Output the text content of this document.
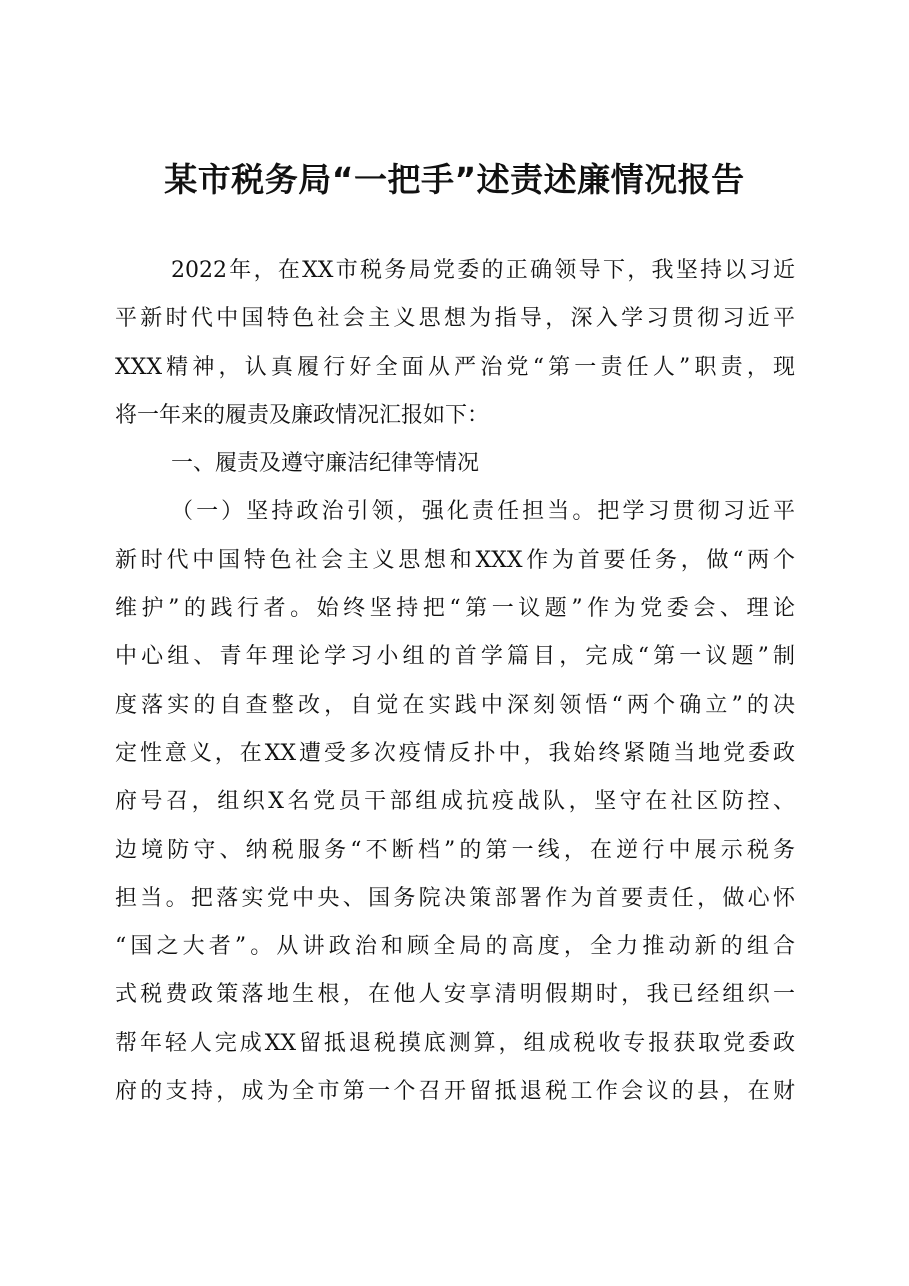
某市税务局“一把手”述责述廉情况报告

2022年，在XX市税务局党委的正确领导下，我坚持以习近
平新时代中国特色社会主义思想为指导，深入学习贯彻习近平
XXX精神，认真履行好全面从严治党“第一责任人”职责，现
将一年来的履责及廉政情况汇报如下：

一、履责及遵守廉洁纪律等情况

（一）坚持政治引领，强化责任担当。把学习贯彻习近平
新时代中国特色社会主义思想和XXX作为首要任务，做“两个
维护”的践行者。始终坚持把“第一议题”作为党委会、理论
中心组、青年理论学习小组的首学篇目，完成“第一议题”制
度落实的自查整改，自觉在实践中深刻领悟“两个确立”的决
定性意义，在XX遭受多次疫情反扑中，我始终紧随当地党委政
府号召，组织X名党员干部组成抗疫战队，坚守在社区防控、
边境防守、纳税服务“不断档”的第一线，在逆行中展示税务
担当。把落实党中央、国务院决策部署作为首要责任，做心怀
“国之大者”。从讲政治和顾全局的高度，全力推动新的组合
式税费政策落地生根，在他人安享清明假期时，我已经组织一
帮年轻人完成XX留抵退税摸底测算，组成税收专报获取党委政
府的支持，成为全市第一个召开留抵退税工作会议的县，在财
